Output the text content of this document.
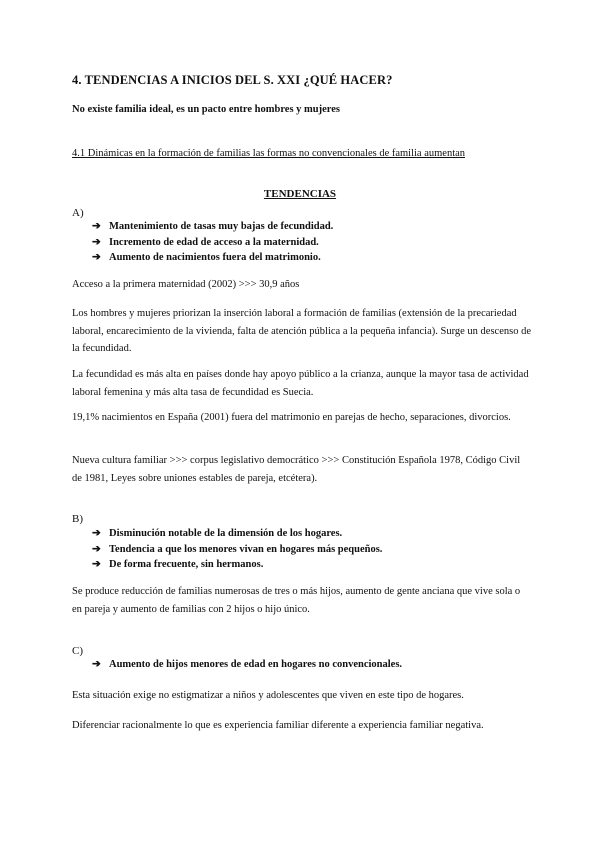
4. TENDENCIAS A INICIOS DEL S. XXI ¿QUÉ HACER?

No existe familia ideal, es un pacto entre hombres y mujeres

4.1 Dinámicas en la formación de familias las formas no convencionales de familia aumentan

TENDENCIAS

A)

➔ Mantenimiento de tasas muy bajas de fecundidad.
➔ Incremento de edad de acceso a la maternidad.
➔ Aumento de nacimientos fuera del matrimonio.

Acceso a la primera maternidad (2002) >>> 30,9 años

Los hombres y mujeres priorizan la inserción laboral a formación de familias (extensión de la precariedad laboral, encarecimiento de la vivienda, falta de atención pública a la pequeña infancia). Surge un descenso de la fecundidad.

La fecundidad es más alta en países donde hay apoyo público a la crianza, aunque la mayor tasa de actividad laboral femenina y más alta tasa de fecundidad es Suecia.

19,1% nacimientos en España (2001) fuera del matrimonio en parejas de hecho, separaciones, divorcios.

Nueva cultura familiar >>> corpus legislativo democrático >>> Constitución Española 1978, Código Civil de 1981, Leyes sobre uniones estables de pareja, etcétera).

B)

➔ Disminución notable de la dimensión de los hogares.
➔ Tendencia a que los menores vivan en hogares más pequeños.
➔ De forma frecuente, sin hermanos.

Se produce reducción de familias numerosas de tres o más hijos, aumento de gente anciana que vive sola o en pareja y aumento de familias con 2 hijos o hijo único.

C)

➔ Aumento de hijos menores de edad en hogares no convencionales.

Esta situación exige no estigmatizar a niños y adolescentes que viven en este tipo de hogares.

Diferenciar racionalmente lo que es experiencia familiar diferente a experiencia familiar negativa.
